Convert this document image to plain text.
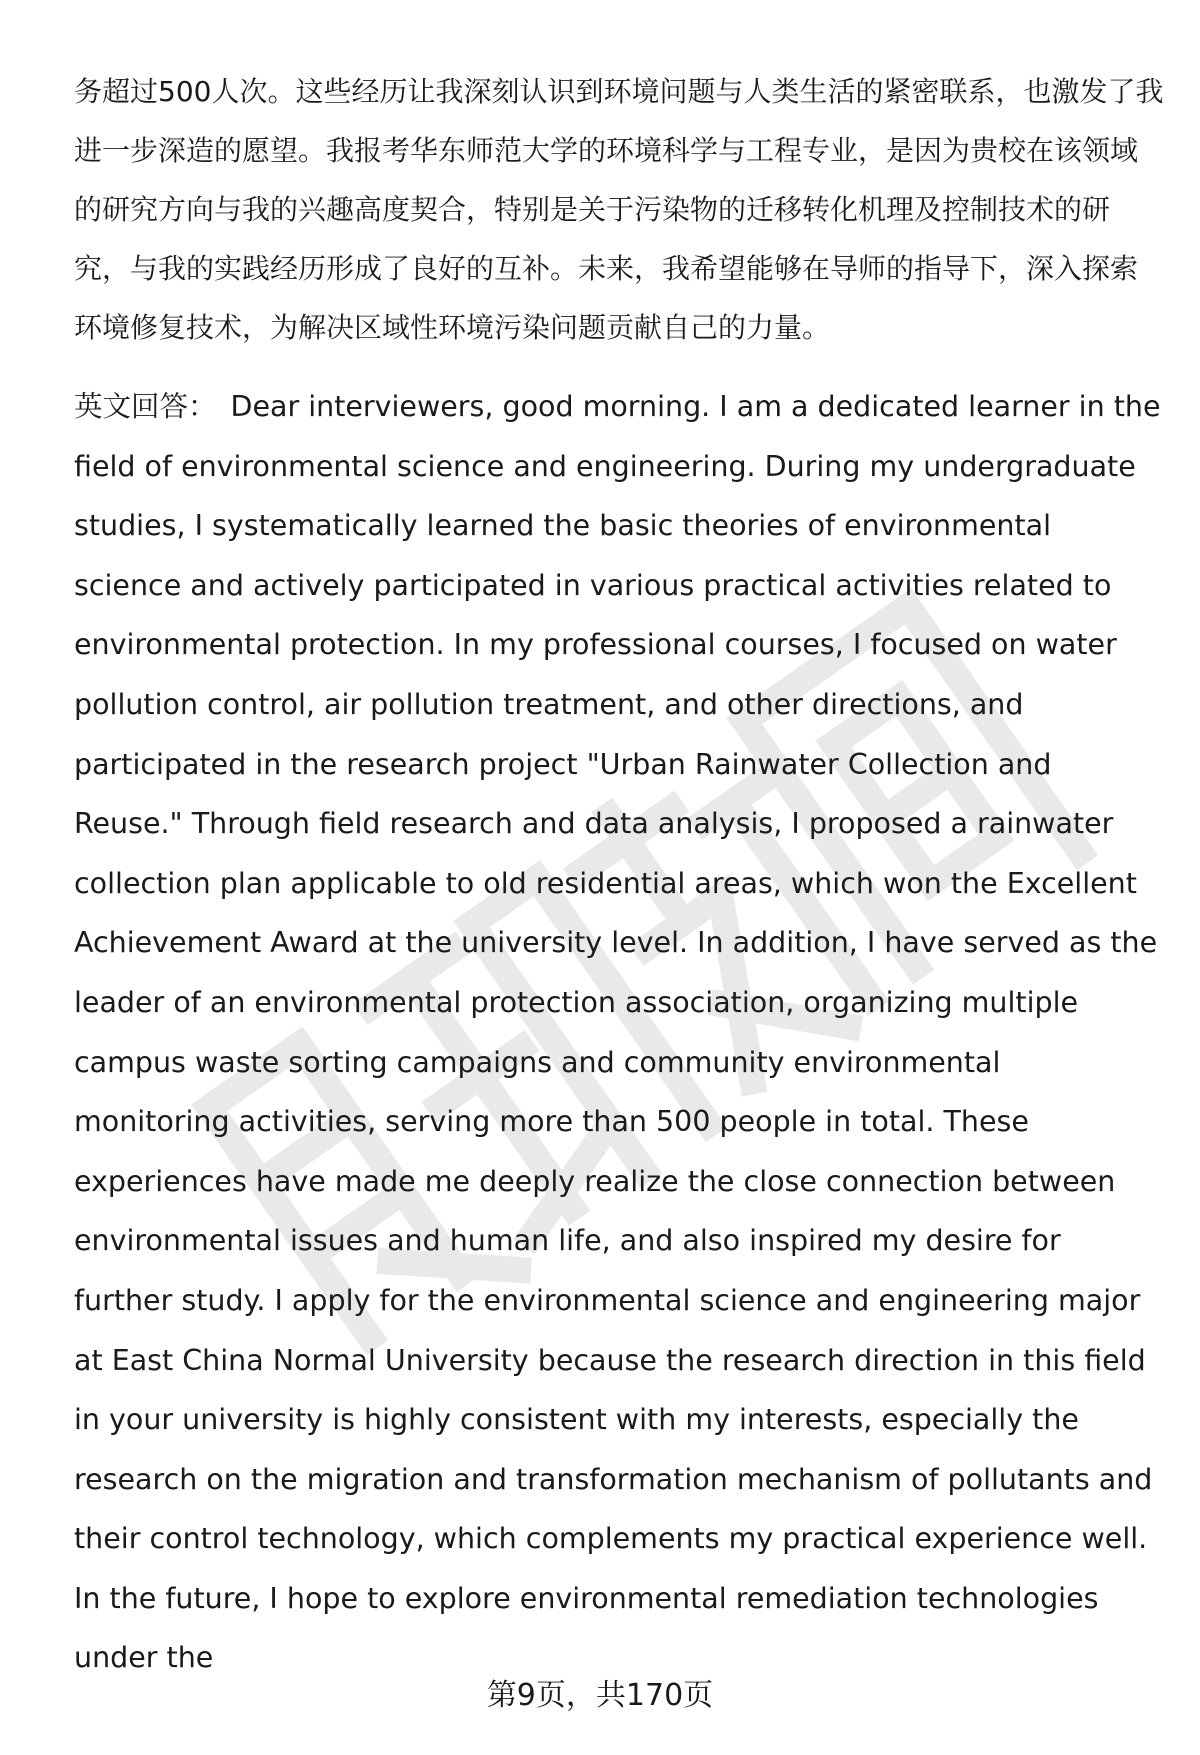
务超过500人次。这些经历让我深刻认识到环境问题与人类生活的紧密联系，也激发了我进一步深造的愿望。我报考华东师范大学的环境科学与工程专业，是因为贵校在该领域的研究方向与我的兴趣高度契合，特别是关于污染物的迁移转化机理及控制技术的研究，与我的实践经历形成了良好的互补。未来，我希望能够在导师的指导下，深入探索环境修复技术，为解决区域性环境污染问题贡献自己的力量。

英文回答： Dear interviewers, good morning. I am a dedicated learner in the field of environmental science and engineering. During my undergraduate studies, I systematically learned the basic theories of environmental science and actively participated in various practical activities related to environmental protection. In my professional courses, I focused on water pollution control, air pollution treatment, and other directions, and participated in the research project "Urban Rainwater Collection and Reuse." Through field research and data analysis, I proposed a rainwater collection plan applicable to old residential areas, which won the Excellent Achievement Award at the university level. In addition, I have served as the leader of an environmental protection association, organizing multiple campus waste sorting campaigns and community environmental monitoring activities, serving more than 500 people in total. These experiences have made me deeply realize the close connection between environmental issues and human life, and also inspired my desire for further study. I apply for the environmental science and engineering major at East China Normal University because the research direction in this field in your university is highly consistent with my interests, especially the research on the migration and transformation mechanism of pollutants and their control technology, which complements my practical experience well. In the future, I hope to explore environmental remediation technologies under the

第9页，共170页
